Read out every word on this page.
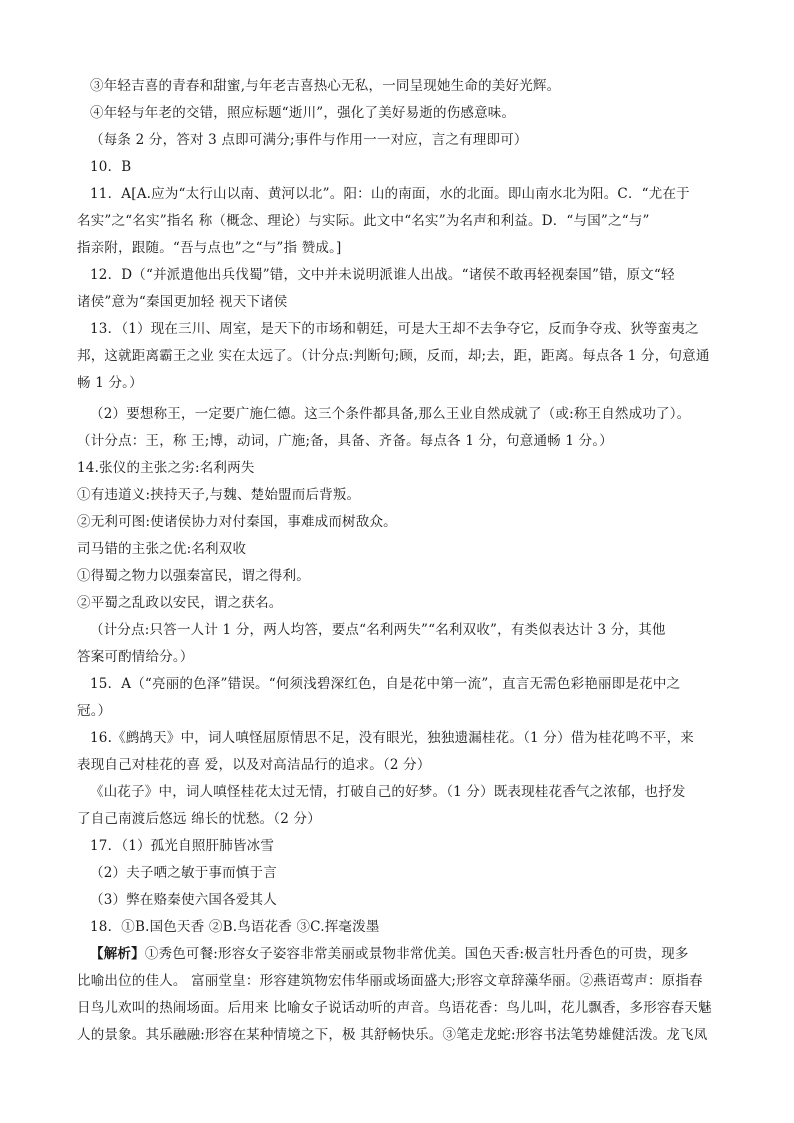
③年轻吉喜的青春和甜蜜,与年老吉喜热心无私，一同呈现她生命的美好光辉。
④年轻与年老的交错，照应标题“逝川”，强化了美好易逝的伤感意味。
（每条 2 分，答对 3 点即可满分;事件与作用一一对应，言之有理即可）
10．B
11．A[A.应为“太行山以南、黄河以北”。阳：山的南面，水的北面。即山南水北为阳。C．“尤在于
名实”之“名实”指名 称（概念、理论）与实际。此文中“名实”为名声和利益。D．“与国”之“与”
指亲附，跟随。“吾与点也”之“与”指 赞成。]
12．D（“并派遣他出兵伐蜀”错，文中并未说明派谁人出战。“诸侯不敢再轻视秦国”错，原文“轻
诸侯”意为“秦国更加轻 视天下诸侯
13．（1）现在三川、周室，是天下的市场和朝廷，可是大王却不去争夺它，反而争夺戎、狄等蛮夷之
邦，这就距离霸王之业 实在太远了。（计分点:判断句;顾，反而，却;去，距，距离。每点各 1 分，句意通
畅 1 分。）
（2）要想称王，一定要广施仁德。这三个条件都具备,那么王业自然成就了（或:称王自然成功了）。
（计分点：王，称 王;博，动词，广施;备，具备、齐备。每点各 1 分，句意通畅 1 分。）
14.张仪的主张之劣:名利两失
①有违道义:挟持天子,与魏、楚始盟而后背叛。
②无利可图:使诸侯协力对付秦国，事难成而树敌众。
司马错的主张之优:名利双收
①得蜀之物力以强秦富民，谓之得利。
②平蜀之乱政以安民，谓之获名。
（计分点:只答一人计 1 分，两人均答，要点“名利两失”“名利双收”，有类似表达计 3 分，其他
答案可酌情给分。）
15．A（“亮丽的色泽”错误。“何须浅碧深红色，自是花中第一流”，直言无需色彩艳丽即是花中之
冠。）
16.《鹧鸪天》中，词人嗔怪屈原情思不足，没有眼光，独独遗漏桂花。（1 分）借为桂花鸣不平，来
表现自己对桂花的喜 爱，以及对高洁品行的追求。（2 分）
《山花子》中，词人嗔怪桂花太过无情，打破自己的好梦。（1 分）既表现桂花香气之浓郁，也抒发
了自己南渡后悠远 绵长的忧愁。（2 分）
17．（1）孤光自照肝肺皆冰雪
（2）夫子哂之敏于事而慎于言
（3）弊在赂秦使六国各爱其人
18．①B.国色天香 ②B.鸟语花香 ③C.挥毫泼墨
【解析】①秀色可餐:形容女子姿容非常美丽或景物非常优美。国色天香:极言牡丹香色的可贵，现多
比喻出位的佳人。 富丽堂皇：形容建筑物宏伟华丽或场面盛大;形容文章辞藻华丽。②燕语莺声：原指春
日鸟儿欢叫的热闹场面。后用来 比喻女子说话动听的声音。鸟语花香：鸟儿叫，花儿飘香，多形容春天魅
人的景象。其乐融融:形容在某种情境之下，极 其舒畅快乐。③笔走龙蛇:形容书法笔势雄健活泼。龙飞凤
